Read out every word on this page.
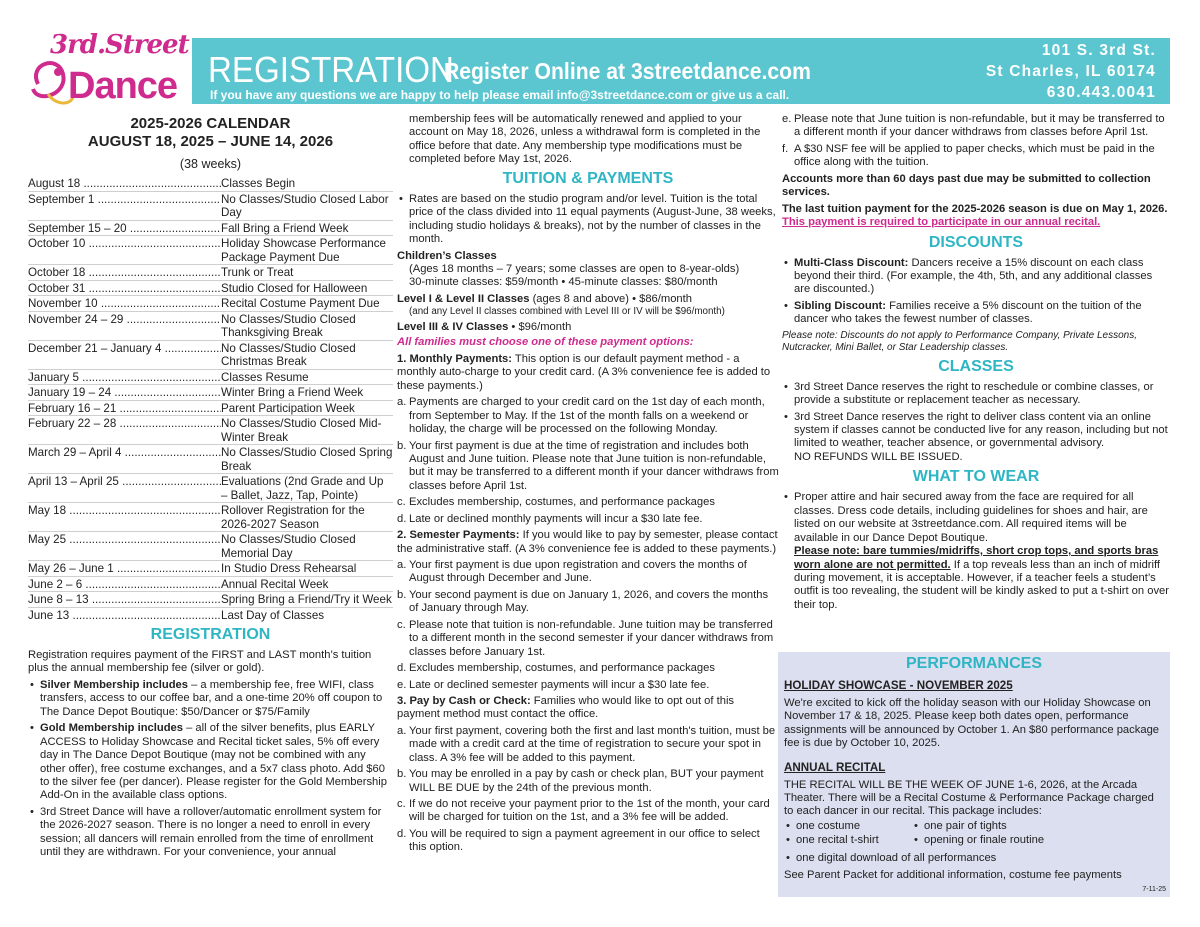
3rd.Street
Dance REGISTRATION
Register Online at 3streetdance.com
If you have any questions we are happy to help please email info@3streetdance.com or give us a call.
101 S. 3rd St.
St Charles, IL 60174
630.443.0041
2025-2026 CALENDAR
AUGUST 18, 2025 – JUNE 14, 2026
(38 weeks)
August 18 .....	Classes Begin
September 1 .....	No Classes/Studio Closed Labor Day
September 15 – 20 .....	Fall Bring a Friend Week
October 10 .....	Holiday Showcase Performance Package Payment Due
October 18 .....	Trunk or Treat
October 31 .....	Studio Closed for Halloween
November 10 .....	Recital Costume Payment Due
November 24 – 29 .....	No Classes/Studio Closed Thanksgiving Break
December 21 – January 4 .....	No Classes/Studio Closed Christmas Break
January 5 .....	Classes Resume
January 19 – 24 .....	Winter Bring a Friend Week
February 16 – 21 .....	Parent Participation Week
February 22 – 28 .....	No Classes/Studio Closed Mid-Winter Break
March 29 – April 4 .....	No Classes/Studio Closed Spring Break
April 13 – April 25 .....	Evaluations (2nd Grade and Up – Ballet, Jazz, Tap, Pointe)
May 18 .....	Rollover Registration for the 2026-2027 Season
May 25 .....	No Classes/Studio Closed Memorial Day
May 26 – June 1 .....	In Studio Dress Rehearsal
June 2 – 6 .....	Annual Recital Week
June 8 – 13 .....	Spring Bring a Friend/Try it Week
June 13 .....	Last Day of Classes
REGISTRATION

Registration requires payment of the FIRST and LAST month’s tuition plus the annual membership fee (silver or gold).

• Silver Membership includes – a membership fee, free WIFI, class transfers, access to our coffee bar, and a one-time 20% off coupon to The Dance Depot Boutique: $50/Dancer or $75/Family
• Gold Membership includes – all of the silver benefits, plus EARLY ACCESS to Holiday Showcase and Recital ticket sales, 5% off every day in The Dance Depot Boutique (may not be combined with any other offer), free costume exchanges, and a 5x7 class photo. Add $60 to the silver fee (per dancer). Please register for the Gold Membership Add-On in the available class options.
• 3rd Street Dance will have a rollover/automatic enrollment system for the 2026-2027 season. There is no longer a need to enroll in every session; all dancers will remain enrolled from the time of enrollment until they are withdrawn. For your convenience, your annual

membership fees will be automatically renewed and applied to your account on May 18, 2026, unless a withdrawal form is completed in the office before that date. Any membership type modifications must be completed before May 1st, 2026.

TUITION & PAYMENTS
• Rates are based on the studio program and/or level. Tuition is the total price of the class divided into 11 equal payments (August-June, 38 weeks, including studio holidays & breaks), not by the number of classes in the month.
Children’s Classes
(Ages 18 months – 7 years; some classes are open to 8-year-olds)
30-minute classes: $59/month • 45-minute classes: $80/month
Level I & Level II Classes (ages 8 and above) • $86/month
(and any Level II classes combined with Level III or IV will be $96/month)
Level III & IV Classes • $96/month

All families must choose one of these payment options:

1. Monthly Payments: This option is our default payment method - a monthly auto-charge to your credit card. (A 3% convenience fee is added to these payments.)
a. Payments are charged to your credit card on the 1st day of each month, from September to May. If the 1st of the month falls on a weekend or holiday, the charge will be processed on the following Monday.
b. Your first payment is due at the time of registration and includes both August and June tuition. Please note that June tuition is non-refundable, but it may be transferred to a different month if your dancer withdraws from classes before April 1st.
c. Excludes membership, costumes, and performance packages
d. Late or declined monthly payments will incur a $30 late fee.
2. Semester Payments: If you would like to pay by semester, please contact the administrative staff. (A 3% convenience fee is added to these payments.)
a. Your first payment is due upon registration and covers the months of August through December and June.
b. Your second payment is due on January 1, 2026, and covers the months of January through May.
c. Please note that tuition is non-refundable. June tuition may be transferred to a different month in the second semester if your dancer withdraws from classes before January 1st.
d. Excludes membership, costumes, and performance packages
e. Late or declined semester payments will incur a $30 late fee.
3. Pay by Cash or Check: Families who would like to opt out of this payment method must contact the office.
a. Your first payment, covering both the first and last month's tuition, must be made with a credit card at the time of registration to secure your spot in class. A 3% fee will be added to this payment.
b. You may be enrolled in a pay by cash or check plan, BUT your payment WILL BE DUE by the 24th of the previous month.
c. If we do not receive your payment prior to the 1st of the month, your card will be charged for tuition on the 1st, and a 3% fee will be added.
d. You will be required to sign a payment agreement in our office to select this option.
e. Please note that June tuition is non-refundable, but it may be transferred to a different month if your dancer withdraws from classes before April 1st.
f. A $30 NSF fee will be applied to paper checks, which must be paid in the office along with the tuition.

Accounts more than 60 days past due may be submitted to collection services.

The last tuition payment for the 2025-2026 season is due on May 1, 2026. This payment is required to participate in our annual recital.

DISCOUNTS
• Multi-Class Discount: Dancers receive a 15% discount on each class beyond their third. (For example, the 4th, 5th, and any additional classes are discounted.)
• Sibling Discount: Families receive a 5% discount on the tuition of the dancer who takes the fewest number of classes.

Please note: Discounts do not apply to Performance Company, Private Lessons, Nutcracker, Mini Ballet, or Star Leadership classes.

CLASSES
• 3rd Street Dance reserves the right to reschedule or combine classes, or provide a substitute or replacement teacher as necessary.
• 3rd Street Dance reserves the right to deliver class content via an online system if classes cannot be conducted live for any reason, including but not limited to weather, teacher absence, or governmental advisory.
NO REFUNDS WILL BE ISSUED.
WHAT TO WEAR
• Proper attire and hair secured away from the face are required for all classes. Dress code details, including guidelines for shoes and hair, are listed on our website at 3streetdance.com. All required items will be available in our Dance Depot Boutique.
Please note: bare tummies/midriffs, short crop tops, and sports bras worn alone are not permitted. If a top reveals less than an inch of midriff during movement, it is acceptable. However, if a teacher feels a student’s outfit is too revealing, the student will be kindly asked to put a t-shirt on over their top.
PERFORMANCES
HOLIDAY SHOWCASE - NOVEMBER 2025

We're excited to kick off the holiday season with our Holiday Showcase on November 17 & 18, 2025. Please keep both dates open, performance assignments will be announced by October 1. An $80 performance package fee is due by October 10, 2025.

ANNUAL RECITAL

THE RECITAL WILL BE THE WEEK OF JUNE 1-6, 2026, at the Arcada Theater. There will be a Recital Costume & Performance Package charged to each dancer in our recital. This package includes:

• one costume	• one pair of tights
• one recital t-shirt	• opening or finale routine
• one digital download of all performances

See Parent Packet for additional information, costume fee payments

7-11-25
